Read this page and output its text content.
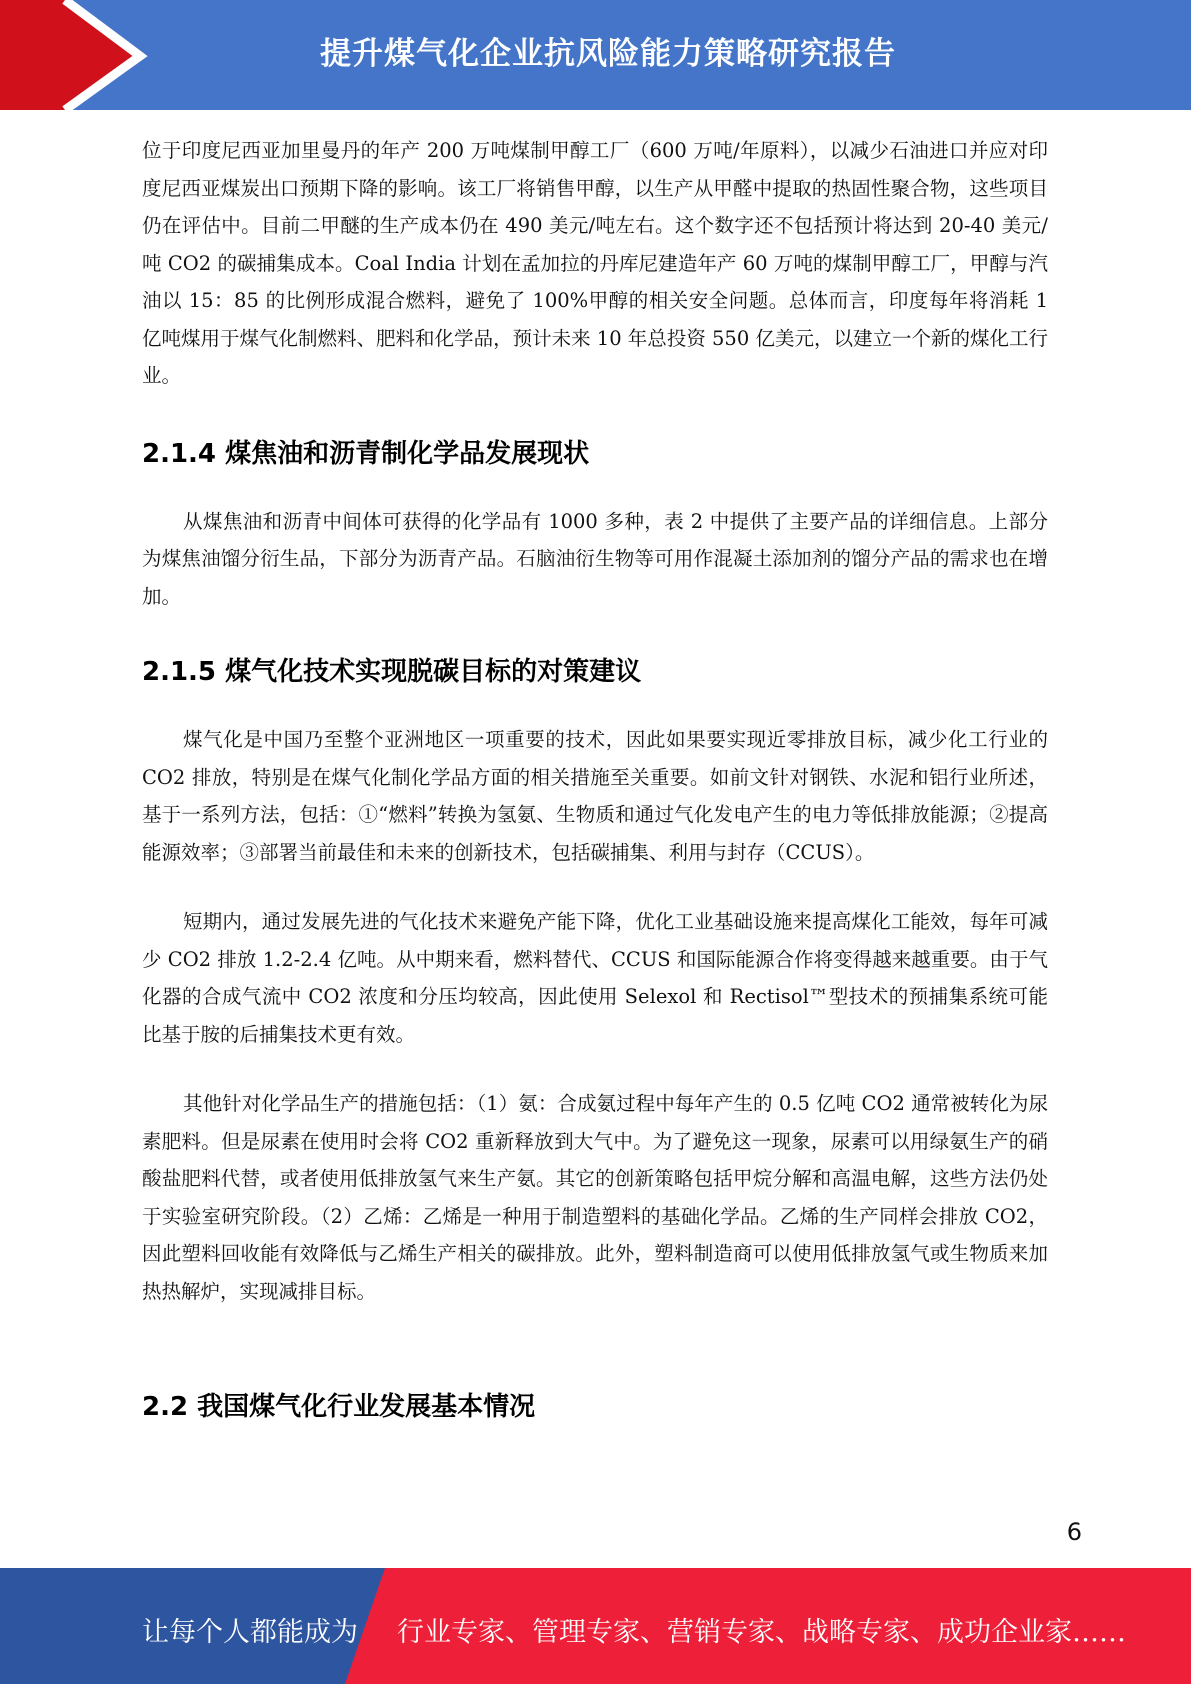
提升煤气化企业抗风险能力策略研究报告

位于印度尼西亚加里曼丹的年产 200 万吨煤制甲醇工厂（600 万吨/年原料），以减少石油进口并应对印度尼西亚煤炭出口预期下降的影响。该工厂将销售甲醇，以生产从甲醛中提取的热固性聚合物，这些项目仍在评估中。目前二甲醚的生产成本仍在 490 美元/吨左右。这个数字还不包括预计将达到 20-40 美元/吨 CO2 的碳捕集成本。Coal India 计划在孟加拉的丹库尼建造年产 60 万吨的煤制甲醇工厂，甲醇与汽油以 15：85 的比例形成混合燃料，避免了 100%甲醇的相关安全问题。总体而言，印度每年将消耗 1 亿吨煤用于煤气化制燃料、肥料和化学品，预计未来 10 年总投资 550 亿美元，以建立一个新的煤化工行业。

2.1.4 煤焦油和沥青制化学品发展现状

从煤焦油和沥青中间体可获得的化学品有 1000 多种，表 2 中提供了主要产品的详细信息。上部分为煤焦油馏分衍生品，下部分为沥青产品。石脑油衍生物等可用作混凝土添加剂的馏分产品的需求也在增加。

2.1.5 煤气化技术实现脱碳目标的对策建议

煤气化是中国乃至整个亚洲地区一项重要的技术，因此如果要实现近零排放目标，减少化工行业的 CO2 排放，特别是在煤气化制化学品方面的相关措施至关重要。如前文针对钢铁、水泥和铝行业所述，基于一系列方法，包括：①“燃料”转换为氢氨、生物质和通过气化发电产生的电力等低排放能源；②提高能源效率；③部署当前最佳和未来的创新技术，包括碳捕集、利用与封存（CCUS）。

短期内，通过发展先进的气化技术来避免产能下降，优化工业基础设施来提高煤化工能效，每年可减少 CO2 排放 1.2-2.4 亿吨。从中期来看，燃料替代、CCUS 和国际能源合作将变得越来越重要。由于气化器的合成气流中 CO2 浓度和分压均较高，因此使用 Selexol 和 Rectisol™型技术的预捕集系统可能比基于胺的后捕集技术更有效。

其他针对化学品生产的措施包括：（1）氨：合成氨过程中每年产生的 0.5 亿吨 CO2 通常被转化为尿素肥料。但是尿素在使用时会将 CO2 重新释放到大气中。为了避免这一现象，尿素可以用绿氨生产的硝酸盐肥料代替，或者使用低排放氢气来生产氨。其它的创新策略包括甲烷分解和高温电解，这些方法仍处于实验室研究阶段。（2）乙烯：乙烯是一种用于制造塑料的基础化学品。乙烯的生产同样会排放 CO2，因此塑料回收能有效降低与乙烯生产相关的碳排放。此外，塑料制造商可以使用低排放氢气或生物质来加热热解炉，实现减排目标。

2.2 我国煤气化行业发展基本情况
6
让每个人都能成为 行业专家、管理专家、营销专家、战略专家、成功企业家……
